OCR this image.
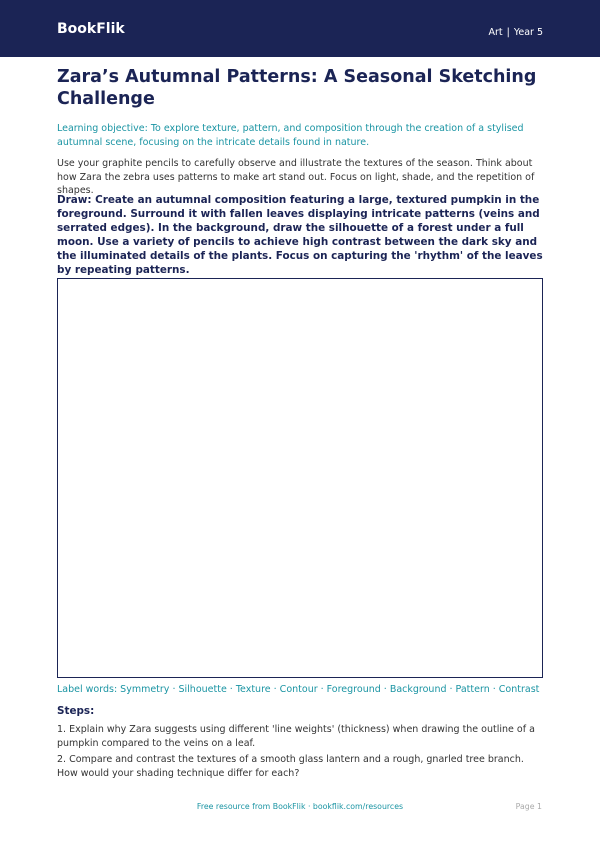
BookFlik	Art | Year 5
Zara’s Autumnal Patterns: A Seasonal Sketching Challenge
Learning objective: To explore texture, pattern, and composition through the creation of a stylised autumnal scene, focusing on the intricate details found in nature.
Use your graphite pencils to carefully observe and illustrate the textures of the season. Think about how Zara the zebra uses patterns to make art stand out. Focus on light, shade, and the repetition of shapes.
Draw: Create an autumnal composition featuring a large, textured pumpkin in the foreground. Surround it with fallen leaves displaying intricate patterns (veins and serrated edges). In the background, draw the silhouette of a forest under a full moon. Use a variety of pencils to achieve high contrast between the dark sky and the illuminated details of the plants. Focus on capturing the 'rhythm' of the leaves by repeating patterns.
Label words: Symmetry · Silhouette · Texture · Contour · Foreground · Background · Pattern · Contrast
Steps:
1. Explain why Zara suggests using different 'line weights' (thickness) when drawing the outline of a pumpkin compared to the veins on a leaf.
2. Compare and contrast the textures of a smooth glass lantern and a rough, gnarled tree branch. How would your shading technique differ for each?
Free resource from BookFlik · bookflik.com/resources	Page 1
